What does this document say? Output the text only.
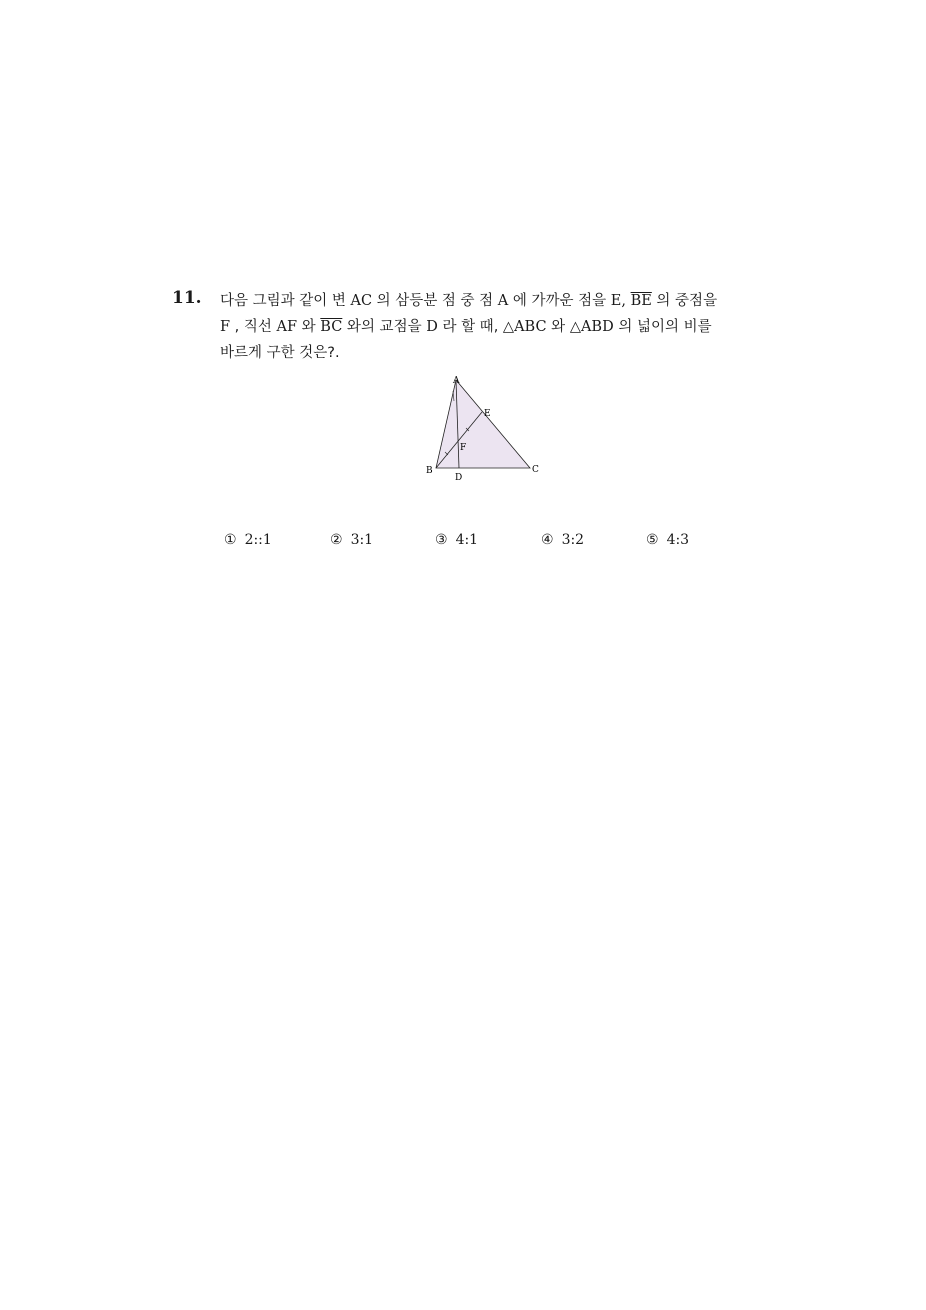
11. 다음 그림과 같이 변 AC 의 삼등분 점 중 점 A 에 가까운 점을 E, $\overline{BE}$ 의 중점을
F , 직선 AF 와 $\overline{BC}$ 와의 교점을 D 라 할 때, △ABC 와 △ABD 의 넓이의 비를
바르게 구한 것은?.
A
B	C
D
E
F
① 2::1	② 3:1	③ 4:1	④ 3:2	⑤ 4:3
